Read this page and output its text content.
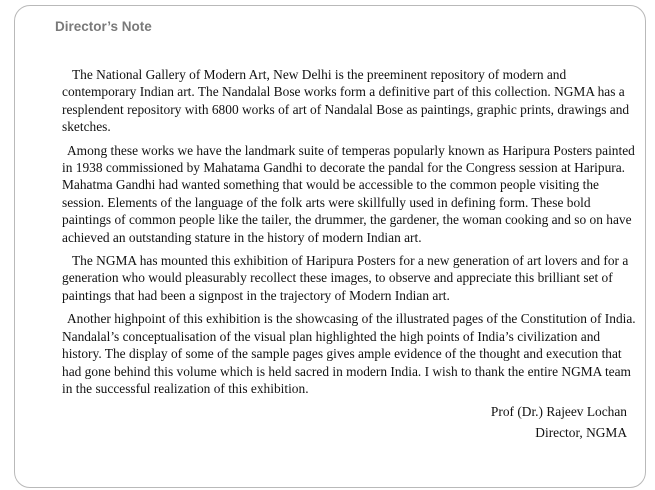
Director’s Note

The National Gallery of Modern Art, New Delhi is the preeminent repository of modern and contemporary Indian art. The Nandalal Bose works form a definitive part of this collection. NGMA has a resplendent repository with 6800 works of art of Nandalal Bose as paintings, graphic prints, drawings and sketches.

Among these works we have the landmark suite of temperas popularly known as Haripura Posters painted in 1938 commissioned by Mahatama Gandhi to decorate the pandal for the Congress session at Haripura. Mahatma Gandhi had wanted something that would be accessible to the common people visiting the session. Elements of the language of the folk arts were skillfully used in defining form. These bold paintings of common people like the tailer, the drummer, the gardener, the woman cooking and so on have achieved an outstanding stature in the history of modern Indian art.

The NGMA has mounted this exhibition of Haripura Posters for a new generation of art lovers and for a generation who would pleasurably recollect these images, to observe and appreciate this brilliant set of paintings that had been a signpost in the trajectory of Modern Indian art.

Another highpoint of this exhibition is the showcasing of the illustrated pages of the Constitution of India. Nandalal’s conceptualisation of the visual plan highlighted the high points of India’s civilization and history. The display of some of the sample pages gives ample evidence of the thought and execution that had gone behind this volume which is held sacred in modern India. I wish to thank the entire NGMA team in the successful realization of this exhibition.

Prof (Dr.) Rajeev Lochan

Director, NGMA
